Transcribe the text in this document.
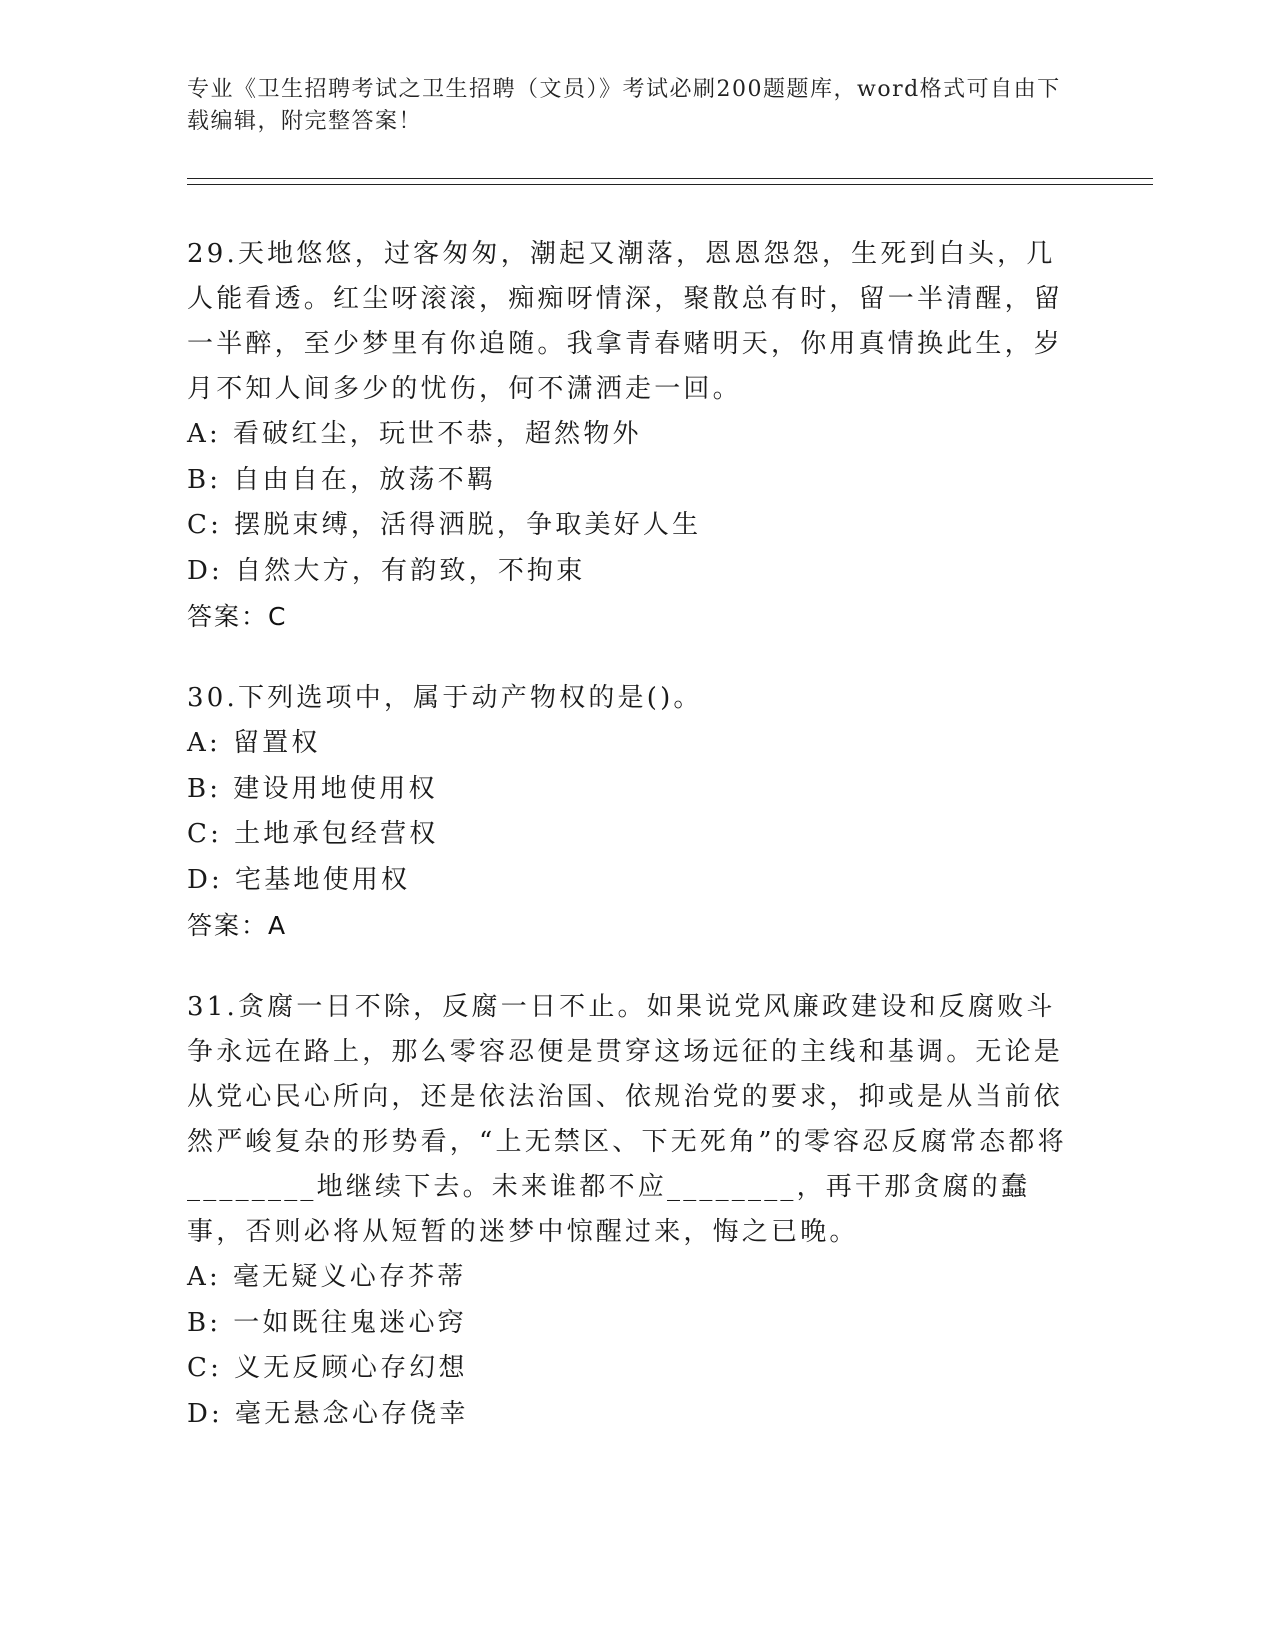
专业《卫生招聘考试之卫生招聘（文员）》考试必刷200题题库，word格式可自由下载编辑，附完整答案！

29.天地悠悠，过客匆匆，潮起又潮落，恩恩怨怨，生死到白头，几人能看透。红尘呀滚滚，痴痴呀情深，聚散总有时，留一半清醒，留一半醉，至少梦里有你追随。我拿青春赌明天，你用真情换此生，岁月不知人间多少的忧伤，何不潇洒走一回。

A: 看破红尘，玩世不恭，超然物外

B: 自由自在，放荡不羁

C: 摆脱束缚，活得洒脱，争取美好人生

D: 自然大方，有韵致，不拘束

答案：C

30.下列选项中，属于动产物权的是()。

A: 留置权

B: 建设用地使用权

C: 土地承包经营权

D: 宅基地使用权

答案：A

31.贪腐一日不除，反腐一日不止。如果说党风廉政建设和反腐败斗争永远在路上，那么零容忍便是贯穿这场远征的主线和基调。无论是从党心民心所向，还是依法治国、依规治党的要求，抑或是从当前依然严峻复杂的形势看，“上无禁区、下无死角”的零容忍反腐常态都将________地继续下去。未来谁都不应________，再干那贪腐的蠢事，否则必将从短暂的迷梦中惊醒过来，悔之已晚。

A: 毫无疑义心存芥蒂

B: 一如既往鬼迷心窍

C: 义无反顾心存幻想

D: 毫无悬念心存侥幸
